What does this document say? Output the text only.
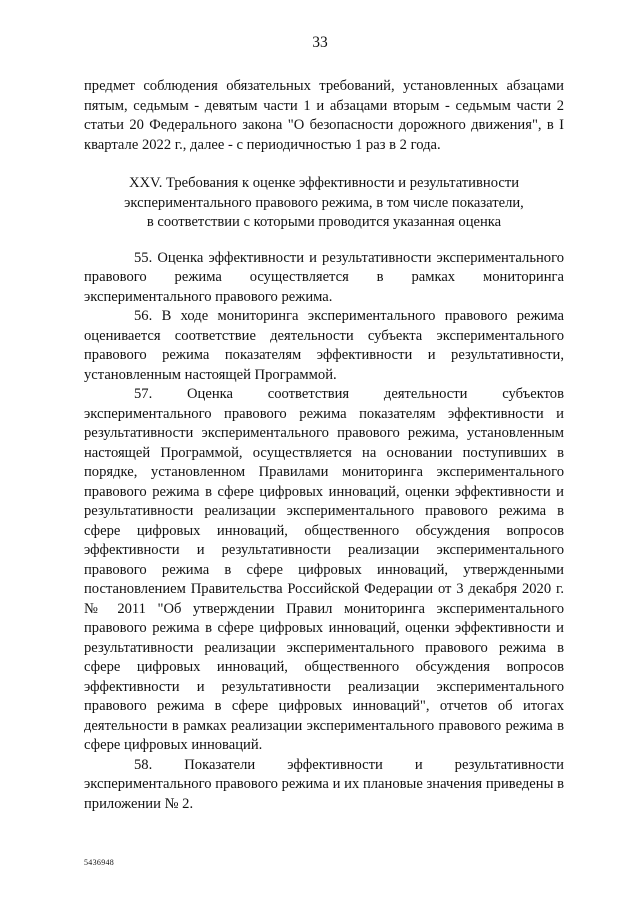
33

предмет соблюдения обязательных требований, установленных абзацами пятым, седьмым - девятым части 1 и абзацами вторым - седьмым части 2 статьи 20 Федерального закона "О безопасности дорожного движения", в I квартале 2022 г., далее - с периодичностью 1 раз в 2 года.

XXV. Требования к оценке эффективности и результативности
экспериментального правового режима, в том числе показатели,
в соответствии с которыми проводится указанная оценка

55. Оценка эффективности и результативности экспериментального правового режима осуществляется в рамках мониторинга экспериментального правового режима.

56. В ходе мониторинга экспериментального правового режима оценивается соответствие деятельности субъекта экспериментального правового режима показателям эффективности и результативности, установленным настоящей Программой.

57. Оценка соответствия деятельности субъектов экспериментального правового режима показателям эффективности и результативности экспериментального правового режима, установленным настоящей Программой, осуществляется на основании поступивших в порядке, установленном Правилами мониторинга экспериментального правового режима в сфере цифровых инноваций, оценки эффективности и результативности реализации экспериментального правового режима в сфере цифровых инноваций, общественного обсуждения вопросов эффективности и результативности реализации экспериментального правового режима в сфере цифровых инноваций, утвержденными постановлением Правительства Российской Федерации от 3 декабря 2020 г. № 2011 "Об утверждении Правил мониторинга экспериментального правового режима в сфере цифровых инноваций, оценки эффективности и результативности реализации экспериментального правового режима в сфере цифровых инноваций, общественного обсуждения вопросов эффективности и результативности реализации экспериментального правового режима в сфере цифровых инноваций", отчетов об итогах деятельности в рамках реализации экспериментального правового режима в сфере цифровых инноваций.

58. Показатели эффективности и результативности экспериментального правового режима и их плановые значения приведены в приложении № 2.

5436948
